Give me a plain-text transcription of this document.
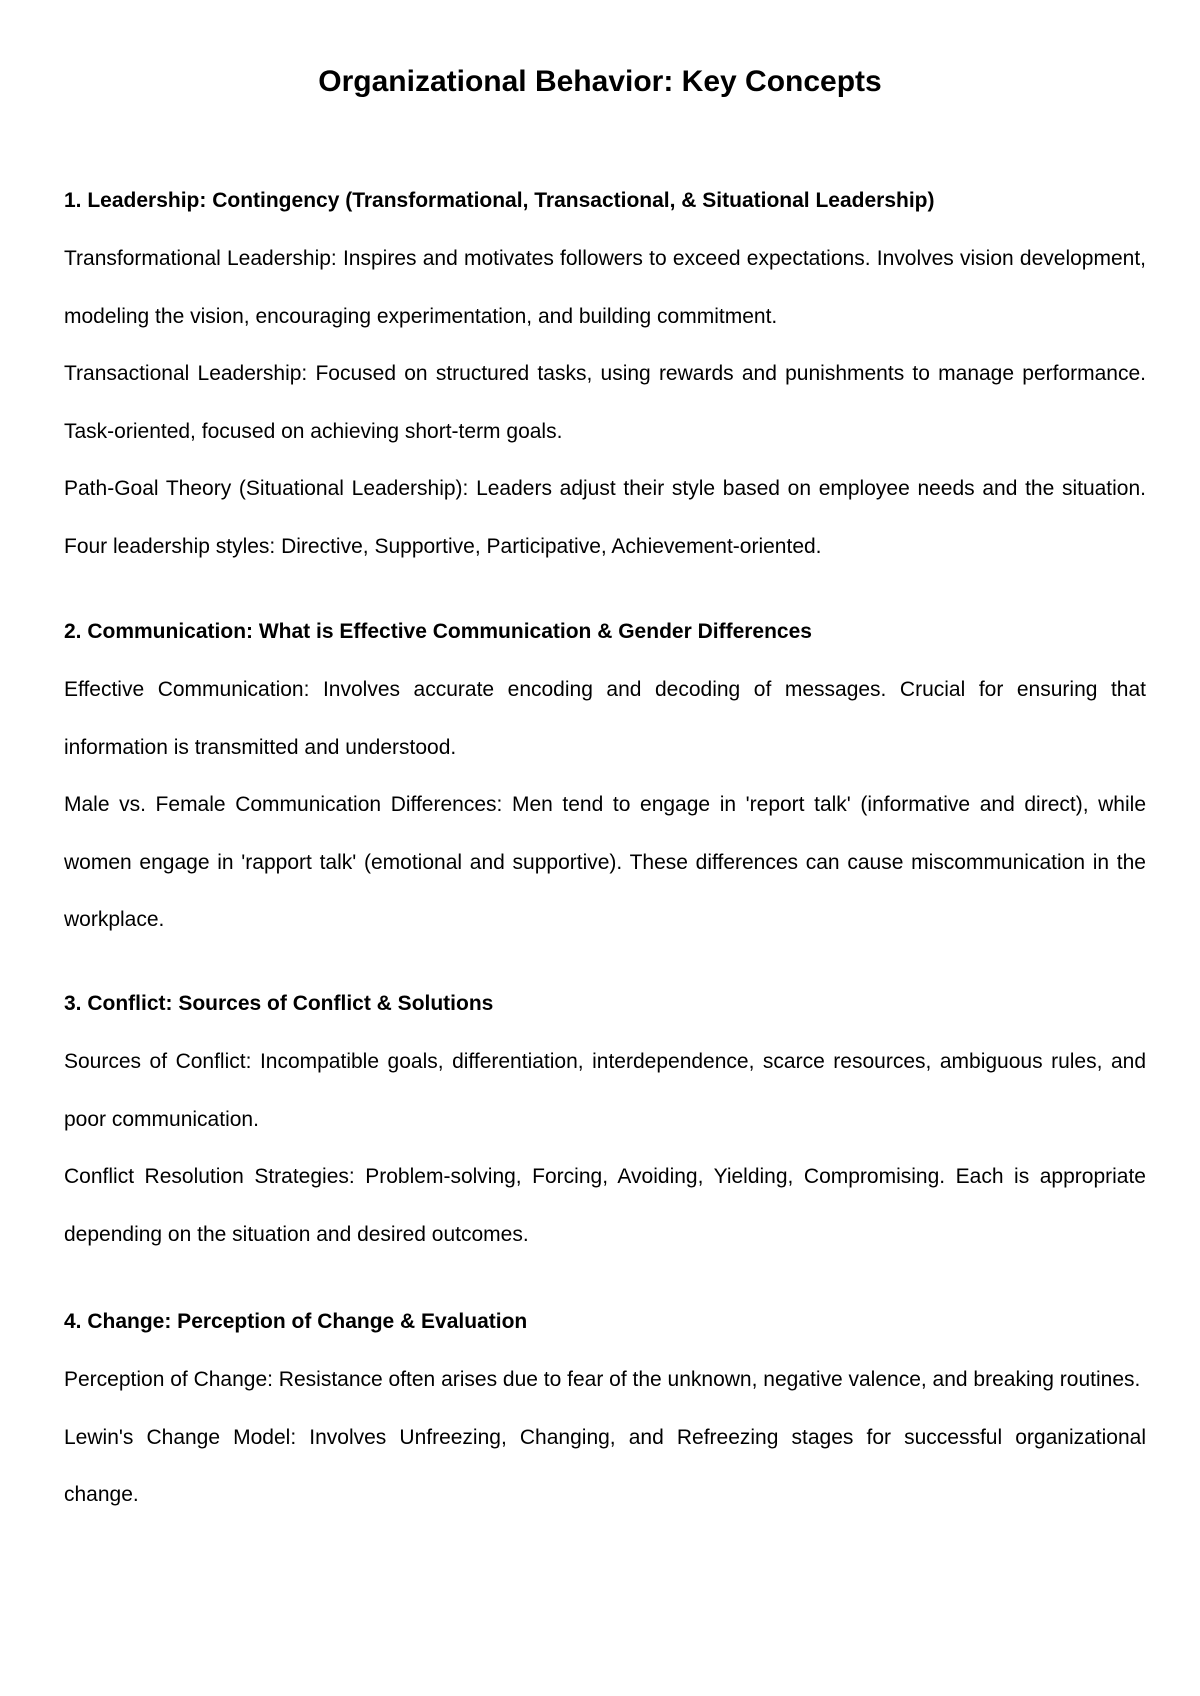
Organizational Behavior: Key Concepts
1. Leadership: Contingency (Transformational, Transactional, & Situational Leadership)

Transformational Leadership: Inspires and motivates followers to exceed expectations. Involves vision development, modeling the vision, encouraging experimentation, and building commitment.

Transactional Leadership: Focused on structured tasks, using rewards and punishments to manage performance. Task-oriented, focused on achieving short-term goals.

Path-Goal Theory (Situational Leadership): Leaders adjust their style based on employee needs and the situation. Four leadership styles: Directive, Supportive, Participative, Achievement-oriented.

2. Communication: What is Effective Communication & Gender Differences

Effective Communication: Involves accurate encoding and decoding of messages. Crucial for ensuring that information is transmitted and understood.

Male vs. Female Communication Differences: Men tend to engage in 'report talk' (informative and direct), while women engage in 'rapport talk' (emotional and supportive). These differences can cause miscommunication in the workplace.

3. Conflict: Sources of Conflict & Solutions

Sources of Conflict: Incompatible goals, differentiation, interdependence, scarce resources, ambiguous rules, and poor communication.

Conflict Resolution Strategies: Problem-solving, Forcing, Avoiding, Yielding, Compromising. Each is appropriate depending on the situation and desired outcomes.

4. Change: Perception of Change & Evaluation

Perception of Change: Resistance often arises due to fear of the unknown, negative valence, and breaking routines.

Lewin's Change Model: Involves Unfreezing, Changing, and Refreezing stages for successful organizational change.
